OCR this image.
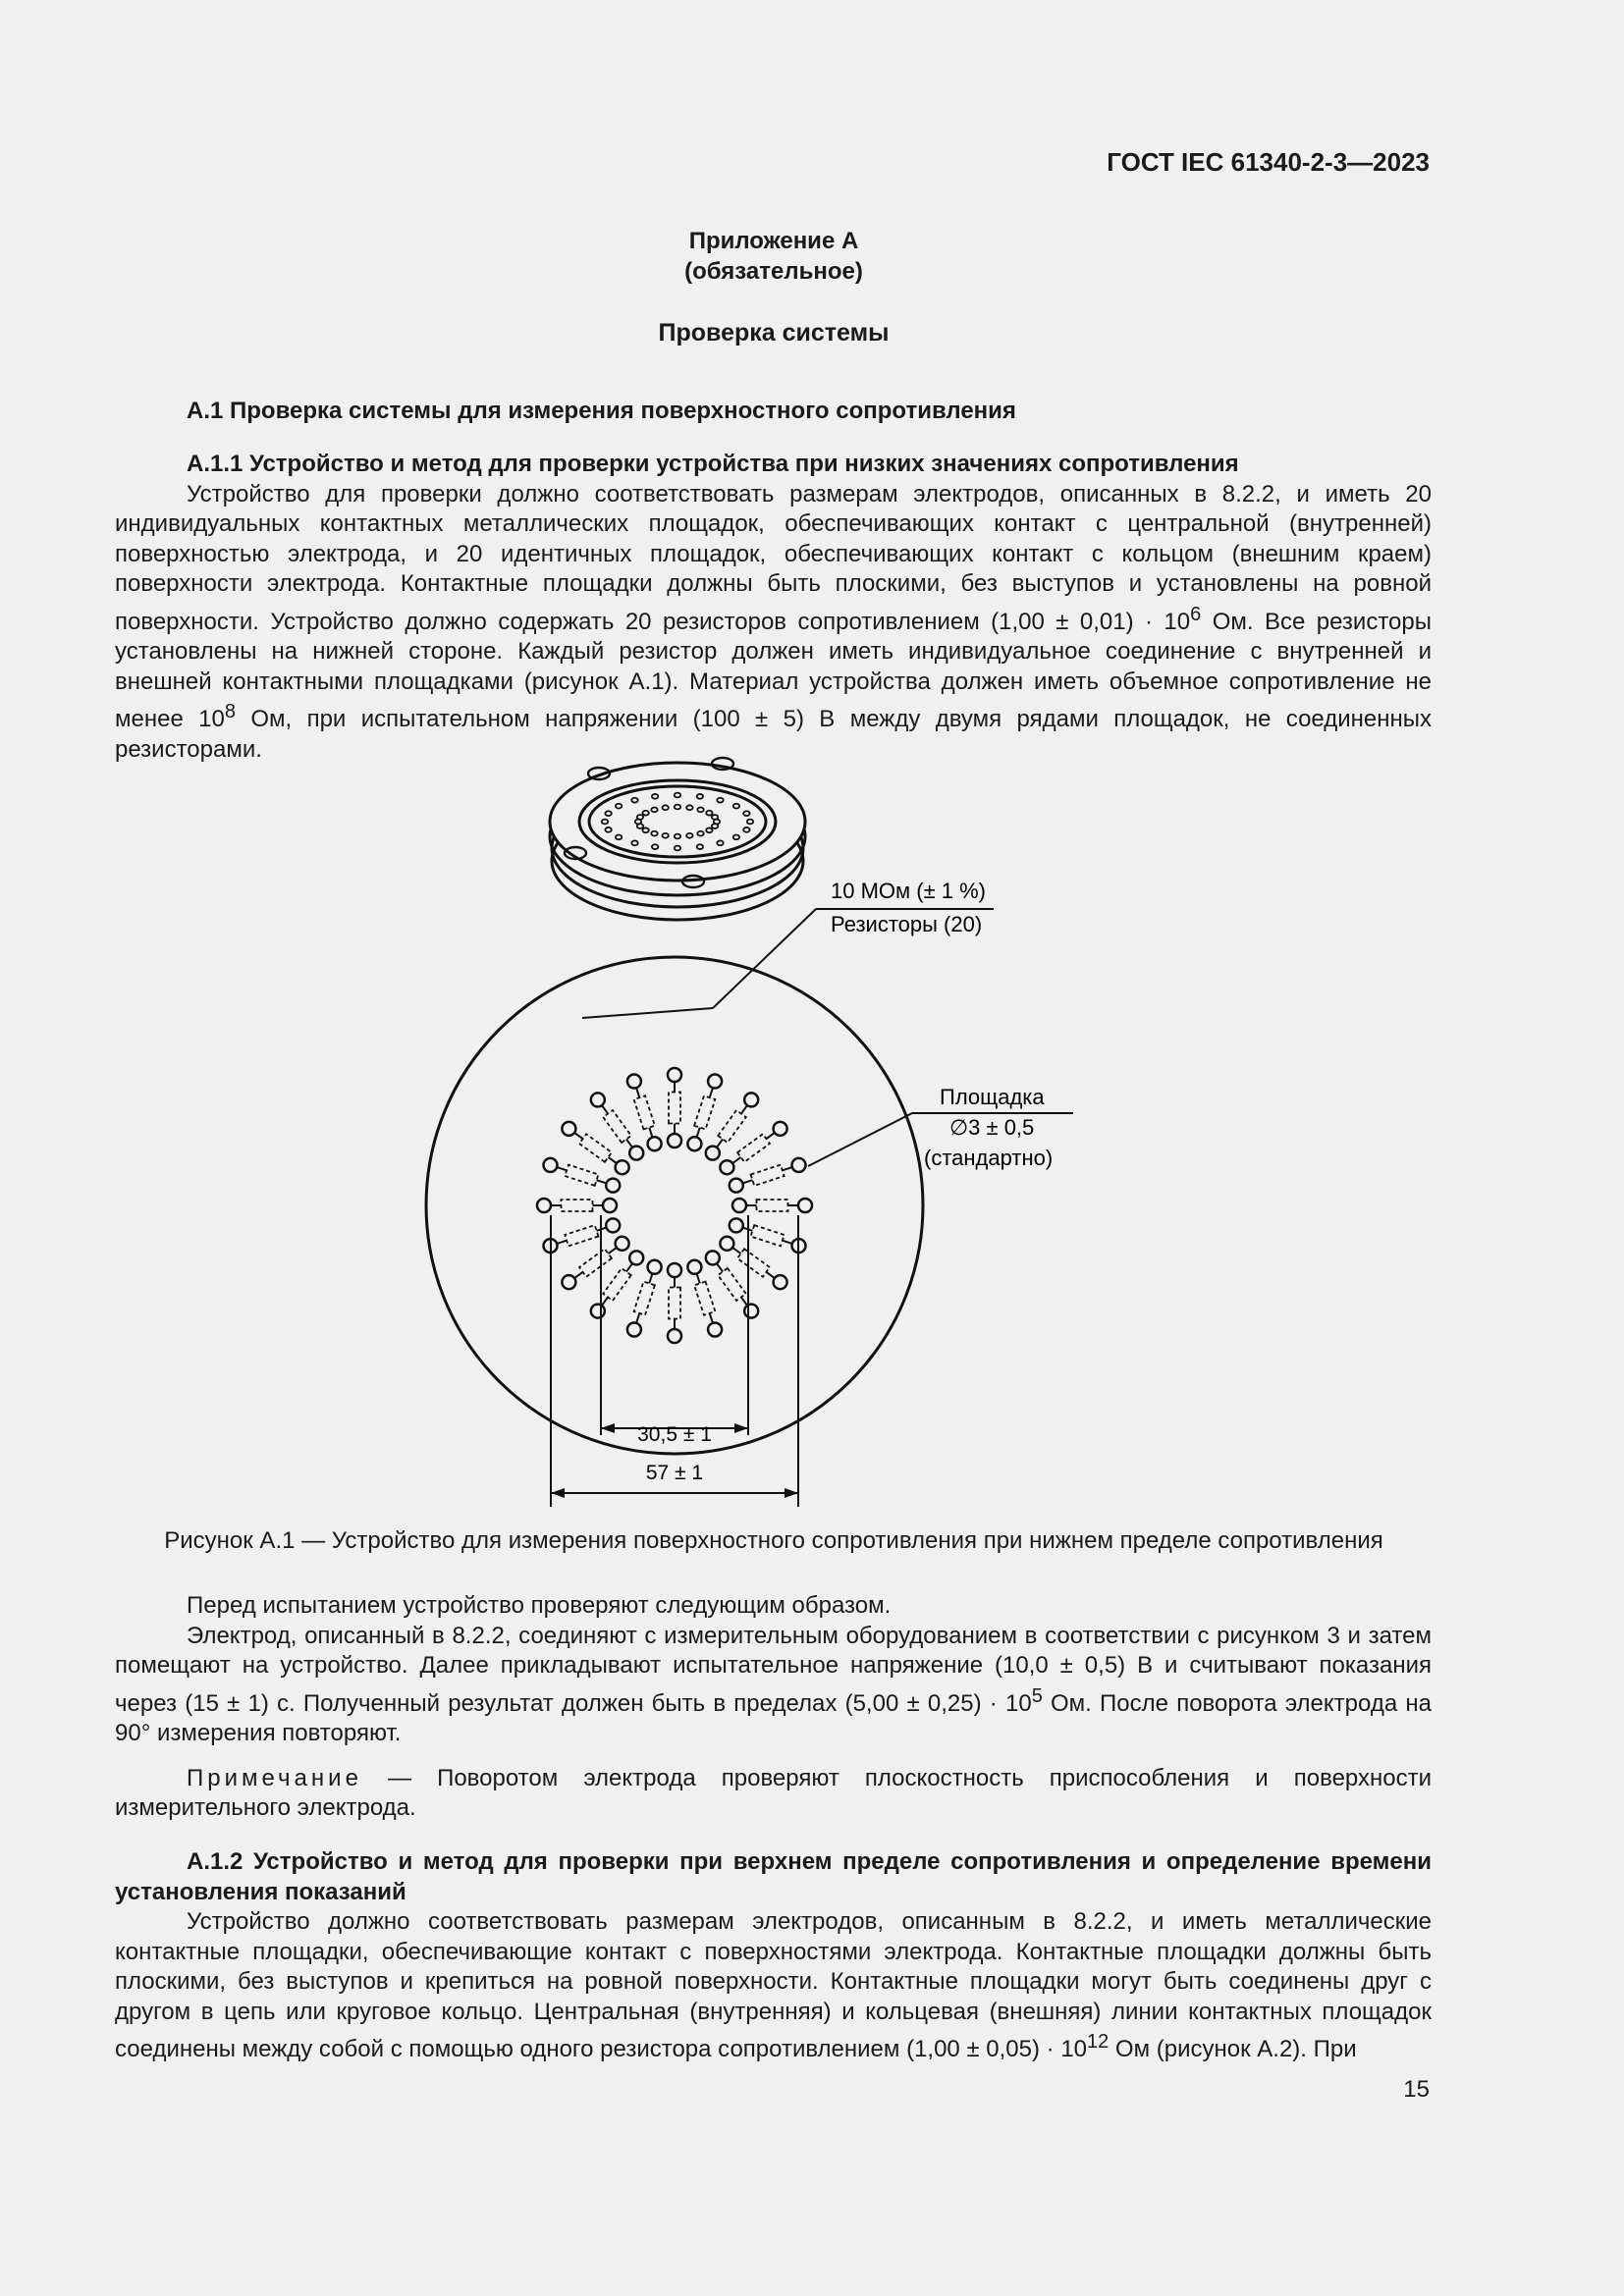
ГОСТ IEC 61340-2-3—2023
Приложение А
(обязательное)
Проверка системы
А.1 Проверка системы для измерения поверхностного сопротивления

А.1.1 Устройство и метод для проверки устройства при низких значениях сопротивления

Устройство для проверки должно соответствовать размерам электродов, описанных в 8.2.2, и иметь 20 индивидуальных контактных металлических площадок, обеспечивающих контакт с центральной (внутренней) поверхностью электрода, и 20 идентичных площадок, обеспечивающих контакт с кольцом (внешним краем) поверхности электрода. Контактные площадки должны быть плоскими, без выступов и установлены на ровной поверхности. Устройство должно содержать 20 резисторов сопротивлением $(1,00 \pm 0,01) \cdot 10^6$ Ом. Все резисторы установлены на нижней стороне. Каждый резистор должен иметь индивидуальное соединение с внутренней и внешней контактными площадками (рисунок А.1). Материал устройства должен иметь объемное сопротивление не менее $10^8$ Ом, при испытательном напряжении (100 ± 5) В между двумя рядами площадок, не соединенных резисторами.

10 МОм (± 1 %)
Резисторы (20)
Площадка
∅3 ± 0,5
(стандартно)
30,5 ± 1
57 ± 1
Рисунок А.1 — Устройство для измерения поверхностного сопротивления при нижнем пределе сопротивления

Перед испытанием устройство проверяют следующим образом.

Электрод, описанный в 8.2.2, соединяют с измерительным оборудованием в соответствии с рисунком 3 и затем помещают на устройство. Далее прикладывают испытательное напряжение (10,0 ± 0,5) В и считывают показания через (15 ± 1) с. Полученный результат должен быть в пределах $(5,00 \pm 0,25) \cdot 10^5$ Ом. После поворота электрода на 90° измерения повторяют.

Примечание — Поворотом электрода проверяют плоскостность приспособления и поверхности измерительного электрода.

А.1.2 Устройство и метод для проверки при верхнем пределе сопротивления и определение времени установления показаний

Устройство должно соответствовать размерам электродов, описанным в 8.2.2, и иметь металлические контактные площадки, обеспечивающие контакт с поверхностями электрода. Контактные площадки должны быть плоскими, без выступов и крепиться на ровной поверхности. Контактные площадки могут быть соединены друг с другом в цепь или круговое кольцо. Центральная (внутренняя) и кольцевая (внешняя) линии контактных площадок соединены между собой с помощью одного резистора сопротивлением $(1,00 \pm 0,05) \cdot 10^{12}$ Ом (рисунок А.2). При

15
